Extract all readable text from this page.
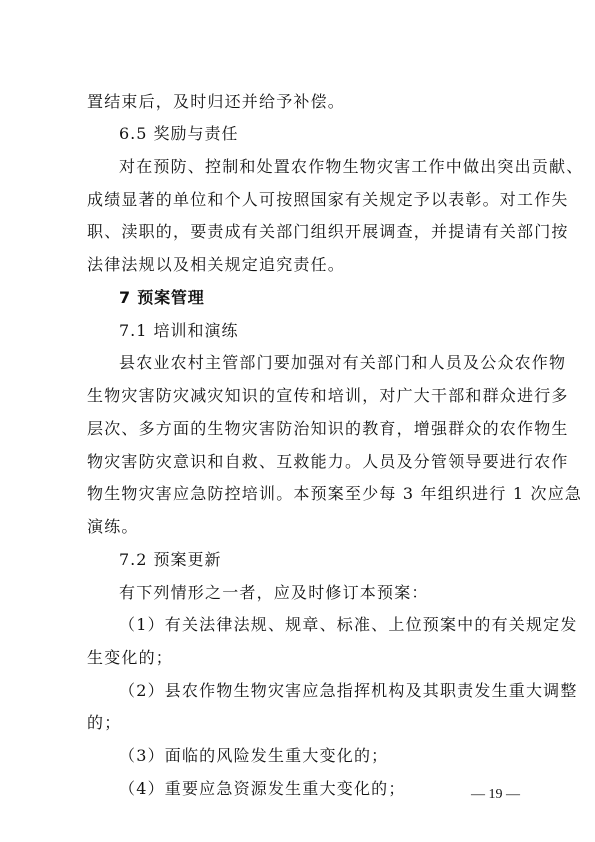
置结束后，及时归还并给予补偿。
6.5 奖励与责任
对在预防、控制和处置农作物生物灾害工作中做出突出贡献、
成绩显著的单位和个人可按照国家有关规定予以表彰。对工作失
职、渎职的，要责成有关部门组织开展调查，并提请有关部门按
法律法规以及相关规定追究责任。
7 预案管理
7.1 培训和演练
县农业农村主管部门要加强对有关部门和人员及公众农作物
生物灾害防灾减灾知识的宣传和培训，对广大干部和群众进行多
层次、多方面的生物灾害防治知识的教育，增强群众的农作物生
物灾害防灾意识和自救、互救能力。人员及分管领导要进行农作
物生物灾害应急防控培训。本预案至少每 3 年组织进行 1 次应急
演练。
7.2 预案更新
有下列情形之一者，应及时修订本预案：
（1）有关法律法规、规章、标准、上位预案中的有关规定发
生变化的；
（2）县农作物生物灾害应急指挥机构及其职责发生重大调整
的；
（3）面临的风险发生重大变化的；
（4）重要应急资源发生重大变化的；	— 19 —
